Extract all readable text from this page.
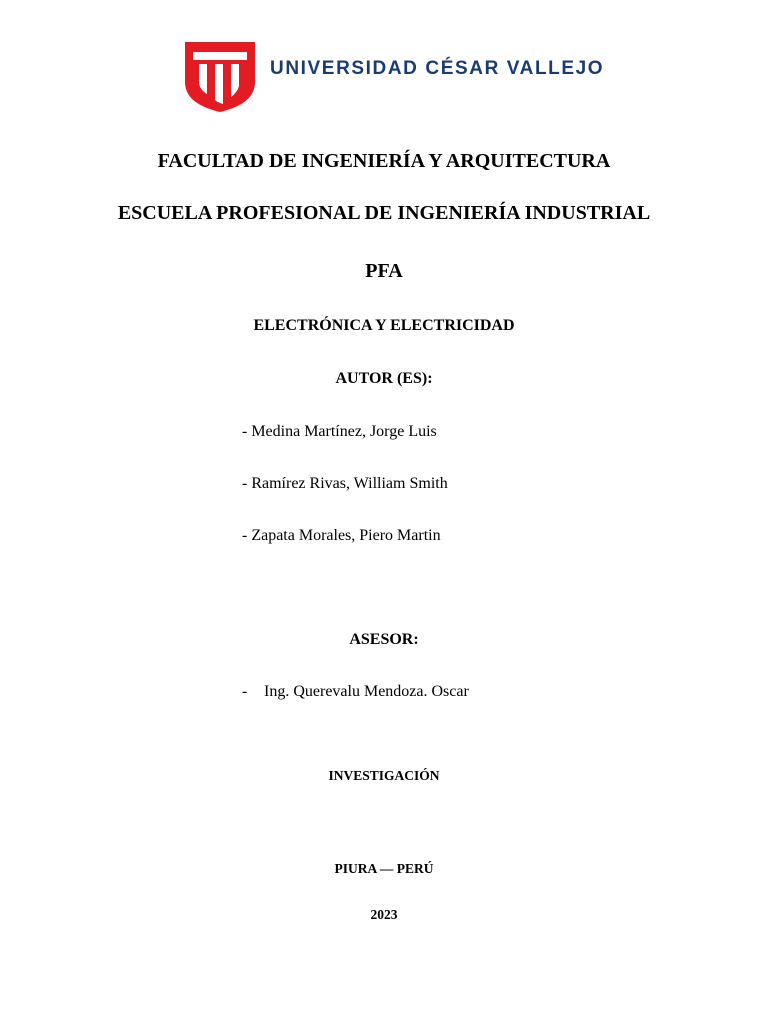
UNIVERSIDAD CÉSAR VALLEJO
FACULTAD DE INGENIERÍA Y ARQUITECTURA
ESCUELA PROFESIONAL DE INGENIERÍA INDUSTRIAL
PFA
ELECTRÓNICA Y ELECTRICIDAD
AUTOR (ES):
- Medina Martínez, Jorge Luis
- Ramírez Rivas, William Smith
- Zapata Morales, Piero Martin
ASESOR:
- Ing. Querevalu Mendoza. Oscar
INVESTIGACIÓN
PIURA — PERÚ
2023
